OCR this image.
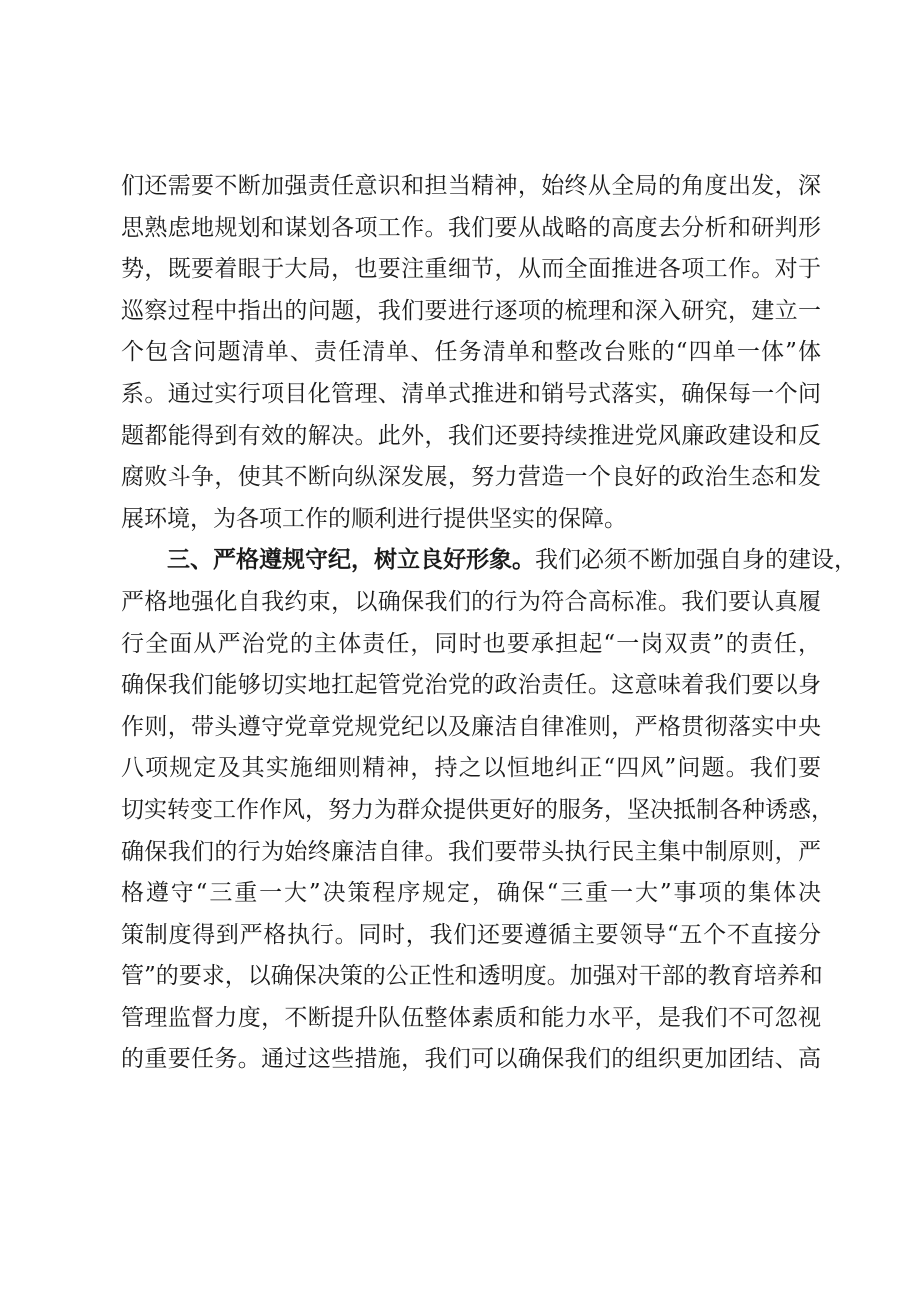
们还需要不断加强责任意识和担当精神，始终从全局的角度出发，深
思熟虑地规划和谋划各项工作。我们要从战略的高度去分析和研判形
势，既要着眼于大局，也要注重细节，从而全面推进各项工作。对于
巡察过程中指出的问题，我们要进行逐项的梳理和深入研究，建立一
个包含问题清单、责任清单、任务清单和整改台账的“四单一体”体
系。通过实行项目化管理、清单式推进和销号式落实，确保每一个问
题都能得到有效的解决。此外，我们还要持续推进党风廉政建设和反
腐败斗争，使其不断向纵深发展，努力营造一个良好的政治生态和发
展环境，为各项工作的顺利进行提供坚实的保障。
三、严格遵规守纪，树立良好形象。我们必须不断加强自身的建设，
严格地强化自我约束，以确保我们的行为符合高标准。我们要认真履
行全面从严治党的主体责任，同时也要承担起“一岗双责”的责任，
确保我们能够切实地扛起管党治党的政治责任。这意味着我们要以身
作则，带头遵守党章党规党纪以及廉洁自律准则，严格贯彻落实中央
八项规定及其实施细则精神，持之以恒地纠正“四风”问题。我们要
切实转变工作作风，努力为群众提供更好的服务，坚决抵制各种诱惑，
确保我们的行为始终廉洁自律。我们要带头执行民主集中制原则，严
格遵守“三重一大”决策程序规定，确保“三重一大”事项的集体决
策制度得到严格执行。同时，我们还要遵循主要领导“五个不直接分
管”的要求，以确保决策的公正性和透明度。加强对干部的教育培养和
管理监督力度，不断提升队伍整体素质和能力水平，是我们不可忽视
的重要任务。通过这些措施，我们可以确保我们的组织更加团结、高
